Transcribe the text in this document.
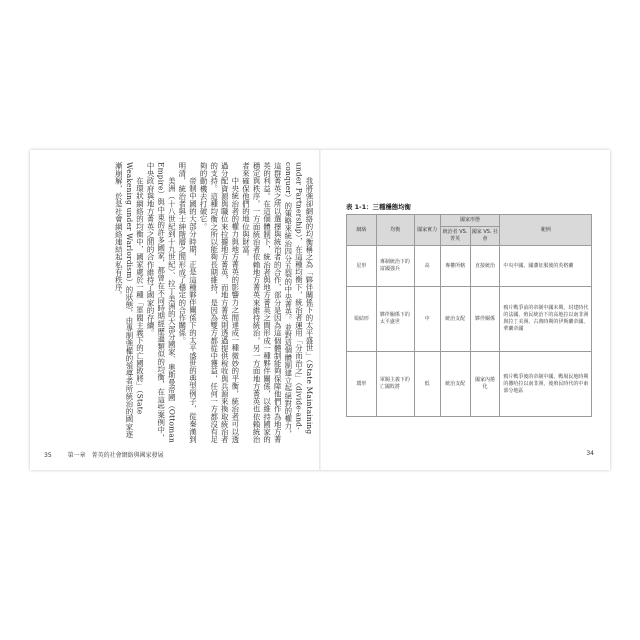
我將強卻網絡的均衡稱之為「夥伴關係下的太平盛世」（State Maintaining under Partnership），在這種均衡下，統治者運用「分而治之」（divide-and-conquer）的策略來統治四分五裂的中央菁英。並對這個體制建立起絕對的權力，這群菁英之所以選擇與統治者的合作，部分是因為這個體制能夠保障他們作為地方菁英的利益。在這個體制下，統治者與地方菁英之間形成一種夥伴關係，以維持國家的穩定與秩序，一方面統治者依賴地方菁英來維持統治，另一方面地方菁英也依賴統治者來確保他們的地位與財富。

中央統治者的權力與地方菁英的影響力之間達成一種微妙的平衡，統治者可以透過分配資源與職位來拉攏地方菁英，而地方菁英則透過提供稅收與兵源來換取統治者的支持。這種均衡之所以能夠長期維持，是因為雙方都從中獲益，任何一方都沒有足夠的動機去打破它。

帝制中國的大部分時期，正是這種夥伴關係下的太平盛世的典型例子，從秦漢到明清，統治者與士紳階層之間形成了穩定的合作關係。

美洲（十八世紀到十九世紀）、拉丁美洲的大部分國家、奧斯曼帝國（Ottoman Empire）與中東的許多國家，都曾在不同時期經歷過類似的均衡，在這些案例中，中央政府與地方菁英之間的合作維持了國家的存續。

在環狀網絡的均衡中，國家處於一種「軍閥主義下的亡國敗將」（State Weakening under Warlordism）的狀態，由專制強權的領導者所統治的國家逐漸崩解，於是社會網絡連結起私有秩序。

35	第一章　菁英的社會網絡與國家發展
表 1-1：三種穩態均衡
網絡	均衡	國家實力	國家形態		範例
			統治者 VS. 菁英	國家 VS. 社會	
星形	專制統治下的富國強兵	高	專權所轄	直接統治	中央中國、國藩征服後的英格蘭
領結形	夥伴關係下的太平盛世	中	統治支配	夥伴關係	鴉片戰爭前的帝制中國末期、封建時代的法國、殖民統治下的高地拉以南非洲與拉丁美洲、古典時期的伊斯蘭帝國、華蘭帝國
環形	軍閥主義下的亡國敗將	低	統治支配	國家內捲化	鴉片戰爭後的帝制中國、戰場民地時期的撒哈拉以南非洲，後殖民時代的中東部分地區
34
